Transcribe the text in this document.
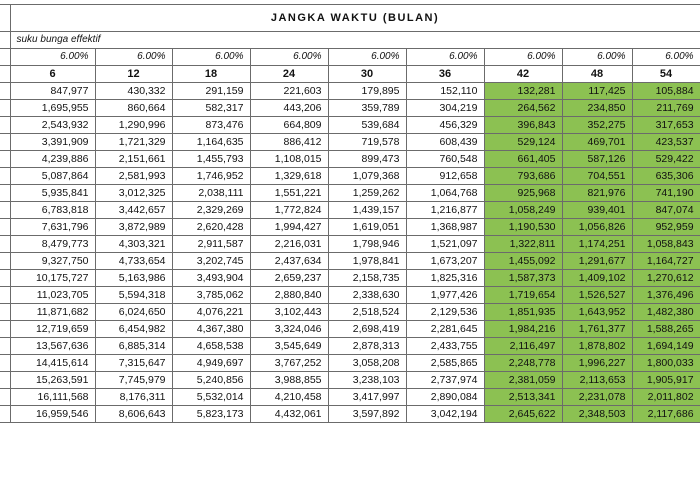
	JANGKA WAKTU (BULAN)								
	suku bunga effektif								
	6.00%	6.00%	6.00%	6.00%	6.00%	6.00%	6.00%	6.00%	6.00%
	6	12	18	24	30	36	42	48	54
	847,977	430,332	291,159	221,603	179,895	152,110	132,281	117,425	105,884
	1,695,955	860,664	582,317	443,206	359,789	304,219	264,562	234,850	211,769
	2,543,932	1,290,996	873,476	664,809	539,684	456,329	396,843	352,275	317,653
	3,391,909	1,721,329	1,164,635	886,412	719,578	608,439	529,124	469,701	423,537
	4,239,886	2,151,661	1,455,793	1,108,015	899,473	760,548	661,405	587,126	529,422
	5,087,864	2,581,993	1,746,952	1,329,618	1,079,368	912,658	793,686	704,551	635,306
	5,935,841	3,012,325	2,038,111	1,551,221	1,259,262	1,064,768	925,968	821,976	741,190
	6,783,818	3,442,657	2,329,269	1,772,824	1,439,157	1,216,877	1,058,249	939,401	847,074
	7,631,796	3,872,989	2,620,428	1,994,427	1,619,051	1,368,987	1,190,530	1,056,826	952,959
	8,479,773	4,303,321	2,911,587	2,216,031	1,798,946	1,521,097	1,322,811	1,174,251	1,058,843
	9,327,750	4,733,654	3,202,745	2,437,634	1,978,841	1,673,207	1,455,092	1,291,677	1,164,727
	10,175,727	5,163,986	3,493,904	2,659,237	2,158,735	1,825,316	1,587,373	1,409,102	1,270,612
	11,023,705	5,594,318	3,785,062	2,880,840	2,338,630	1,977,426	1,719,654	1,526,527	1,376,496
	11,871,682	6,024,650	4,076,221	3,102,443	2,518,524	2,129,536	1,851,935	1,643,952	1,482,380
	12,719,659	6,454,982	4,367,380	3,324,046	2,698,419	2,281,645	1,984,216	1,761,377	1,588,265
	13,567,636	6,885,314	4,658,538	3,545,649	2,878,313	2,433,755	2,116,497	1,878,802	1,694,149
	14,415,614	7,315,647	4,949,697	3,767,252	3,058,208	2,585,865	2,248,778	1,996,227	1,800,033
	15,263,591	7,745,979	5,240,856	3,988,855	3,238,103	2,737,974	2,381,059	2,113,653	1,905,917
	16,111,568	8,176,311	5,532,014	4,210,458	3,417,997	2,890,084	2,513,341	2,231,078	2,011,802
	16,959,546	8,606,643	5,823,173	4,432,061	3,597,892	3,042,194	2,645,622	2,348,503	2,117,686
